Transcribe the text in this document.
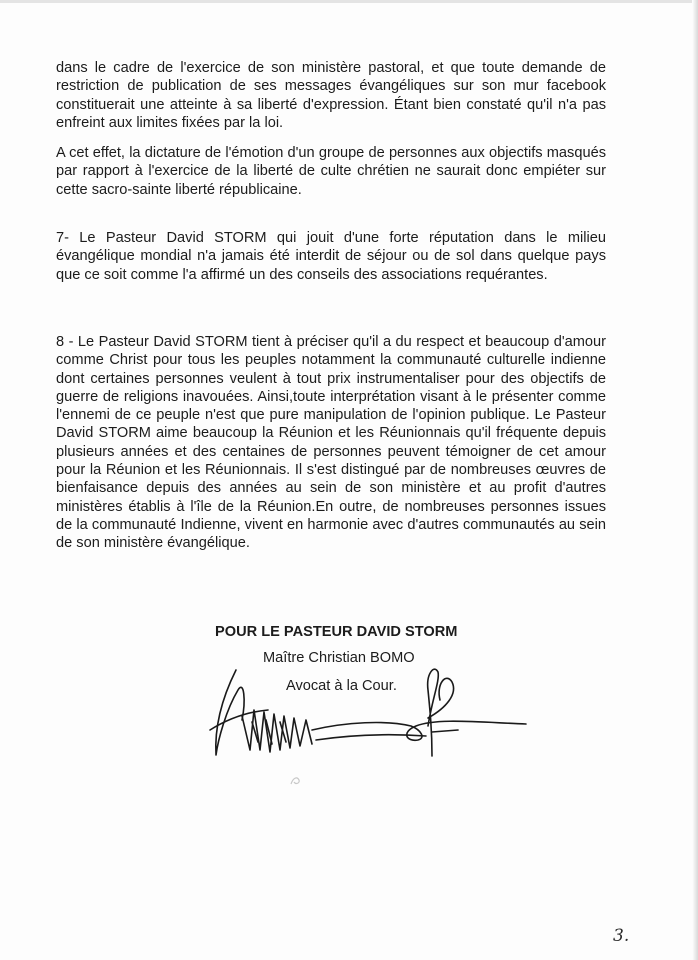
dans le cadre de l'exercice de son ministère pastoral, et que toute demande de restriction de publication de ses messages évangéliques sur son mur facebook constituerait une atteinte à sa liberté d'expression. Étant bien constaté qu'il n'a pas enfreint aux limites fixées par la loi.

A cet effet, la dictature de l'émotion d'un groupe de personnes aux objectifs masqués par rapport à l'exercice de la liberté de culte chrétien ne saurait donc empiéter sur cette sacro-sainte liberté républicaine.

7- Le Pasteur David STORM qui jouit d'une forte réputation dans le milieu évangélique mondial n'a jamais été interdit de séjour ou de sol dans quelque pays que ce soit comme l'a affirmé un des conseils des associations requérantes.

8 - Le Pasteur David STORM tient à préciser qu'il a du respect et beaucoup d'amour comme Christ pour tous les peuples notamment la communauté culturelle indienne dont certaines personnes veulent à tout prix instrumentaliser pour des objectifs de guerre de religions inavouées. Ainsi,toute interprétation visant à le présenter comme l'ennemi de ce peuple n'est que pure manipulation de l'opinion publique. Le Pasteur David STORM aime beaucoup la Réunion et les Réunionnais qu'il fréquente depuis plusieurs années et des centaines de personnes peuvent témoigner de cet amour pour la Réunion et les Réunionnais. Il s'est distingué par de nombreuses œuvres de bienfaisance depuis des années au sein de son ministère et au profit d'autres ministères établis à l'île de la Réunion.En outre, de nombreuses personnes issues de la communauté Indienne, vivent en harmonie avec d'autres communautés au sein de son ministère évangélique.

POUR LE PASTEUR DAVID STORM

Maître Christian BOMO

Avocat à la Cour.

3.
